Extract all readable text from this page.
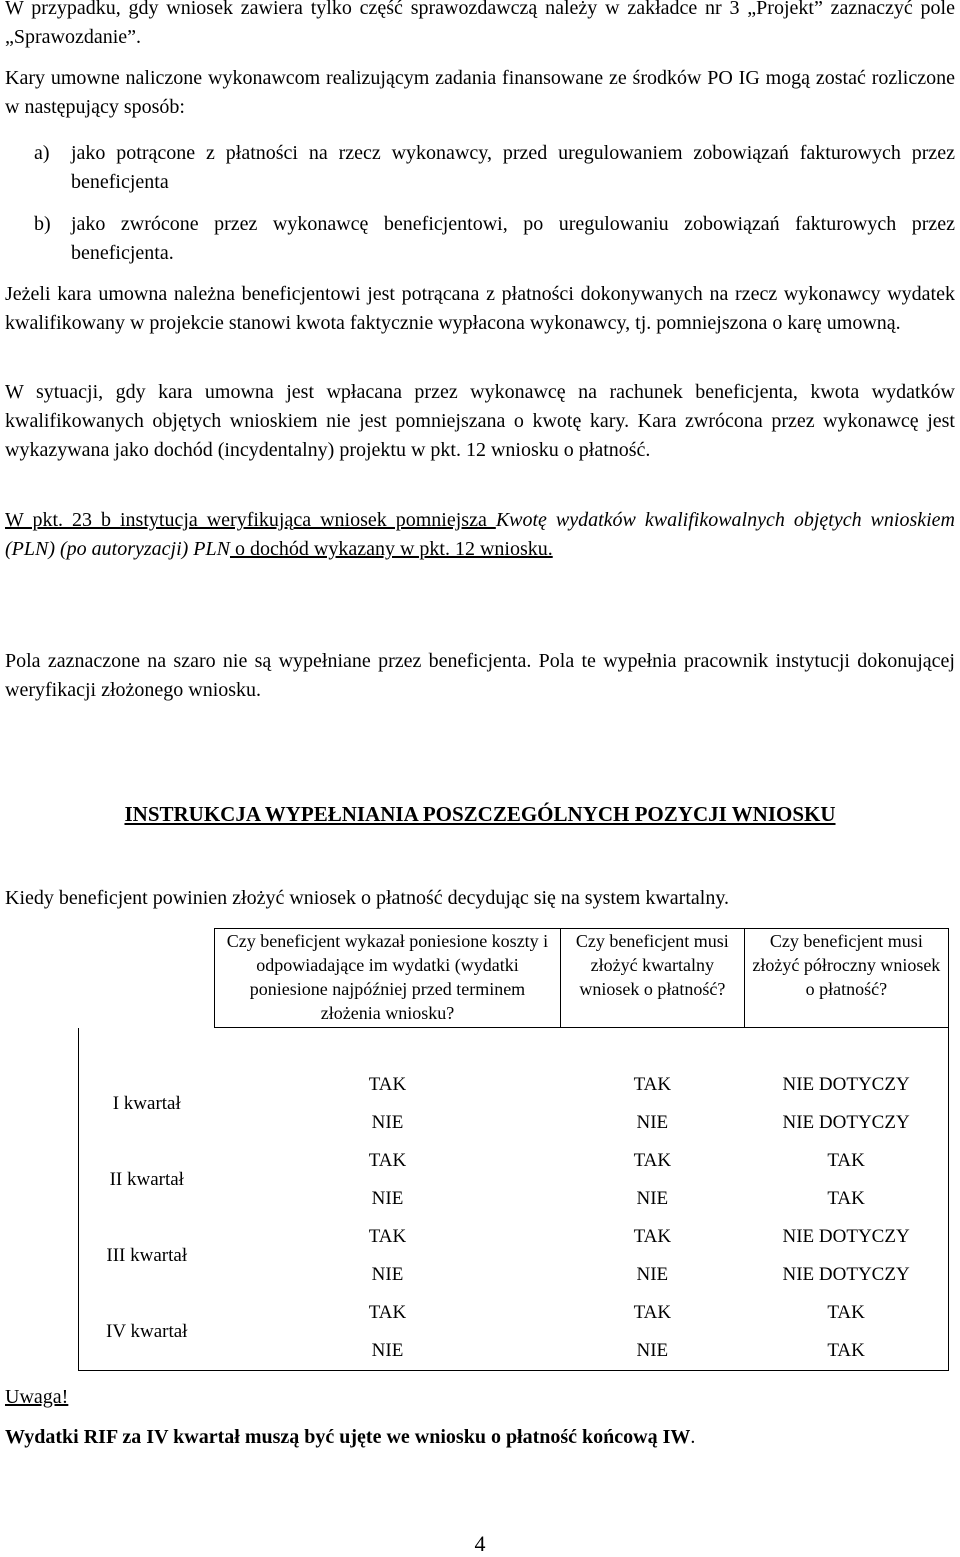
W przypadku, gdy wniosek zawiera tylko część sprawozdawczą należy w zakładce nr 3 „Projekt” zaznaczyć pole „Sprawozdanie”.

Kary umowne naliczone wykonawcom realizującym zadania finansowane ze środków PO IG mogą zostać rozliczone w następujący sposób:

a) jako potrącone z płatności na rzecz wykonawcy, przed uregulowaniem zobowiązań fakturowych przez beneficjenta

b) jako zwrócone przez wykonawcę beneficjentowi, po uregulowaniu zobowiązań fakturowych przez beneficjenta.

Jeżeli kara umowna należna beneficjentowi jest potrącana z płatności dokonywanych na rzecz wykonawcy wydatek kwalifikowany w projekcie stanowi kwota faktycznie wypłacona wykonawcy, tj. pomniejszona o karę umowną.

W sytuacji, gdy kara umowna jest wpłacana przez wykonawcę na rachunek beneficjenta, kwota wydatków kwalifikowanych objętych wnioskiem nie jest pomniejszana o kwotę kary. Kara zwrócona przez wykonawcę jest wykazywana jako dochód (incydentalny) projektu w pkt. 12 wniosku o płatność.

W pkt. 23 b instytucja weryfikująca wniosek pomniejsza Kwotę wydatków kwalifikowalnych objętych wnioskiem (PLN) (po autoryzacji) PLN o dochód wykazany w pkt. 12 wniosku.

Pola zaznaczone na szaro nie są wypełniane przez beneficjenta. Pola te wypełnia pracownik instytucji dokonującej weryfikacji złożonego wniosku.

INSTRUKCJA WYPEŁNIANIA POSZCZEGÓLNYCH POZYCJI WNIOSKU

Kiedy beneficjent powinien złożyć wniosek o płatność decydując się na system kwartalny.

	Czy beneficjent wykazał poniesione koszty i odpowiadające im wydatki (wydatki poniesione najpóźniej przed terminem złożenia wniosku?	Czy beneficjent musi złożyć kwartalny wniosek o płatność?	Czy beneficjent musi złożyć półroczny wniosek o płatność?

I kwartał	TAK	TAK	NIE DOTYCZY
	NIE	NIE	NIE DOTYCZY
II kwartał	TAK	TAK	TAK
	NIE	NIE	TAK
III kwartał	TAK	TAK	NIE DOTYCZY
	NIE	NIE	NIE DOTYCZY
IV kwartał	TAK	TAK	TAK
	NIE	NIE	TAK
Uwaga!
Wydatki RIF za IV kwartał muszą być ujęte we wniosku o płatność końcową IW.
4
